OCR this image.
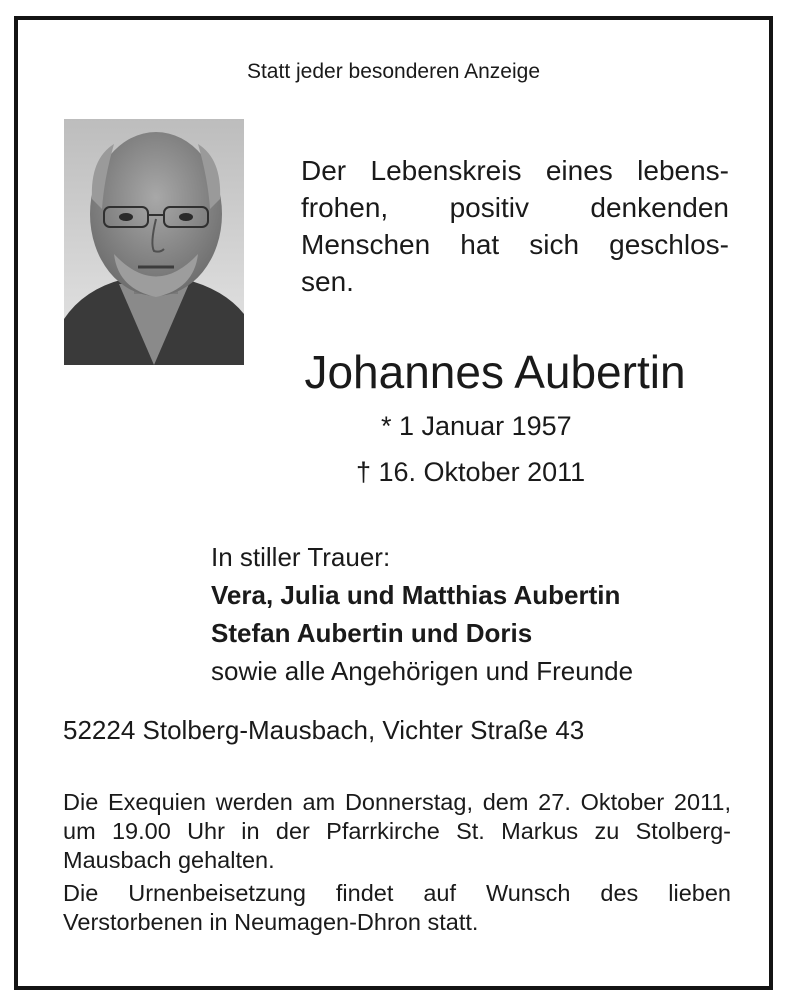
Statt jeder besonderen Anzeige
Der Lebenskreis eines lebens-
frohen, positiv denkenden
Menschen hat sich geschlos-
sen.
Johannes Aubertin
* 1 Januar 1957
† 16. Oktober 2011
In stiller Trauer:
Vera, Julia und Matthias Aubertin
Stefan Aubertin und Doris
sowie alle Angehörigen und Freunde
52224 Stolberg-Mausbach, Vichter Straße 43

Die Exequien werden am Donnerstag, dem 27. Oktober 2011, um 19.00 Uhr in der Pfarrkirche St. Markus zu Stolberg-Mausbach gehalten.

Die Urnenbeisetzung findet auf Wunsch des lieben Verstorbenen in Neumagen-Dhron statt.
